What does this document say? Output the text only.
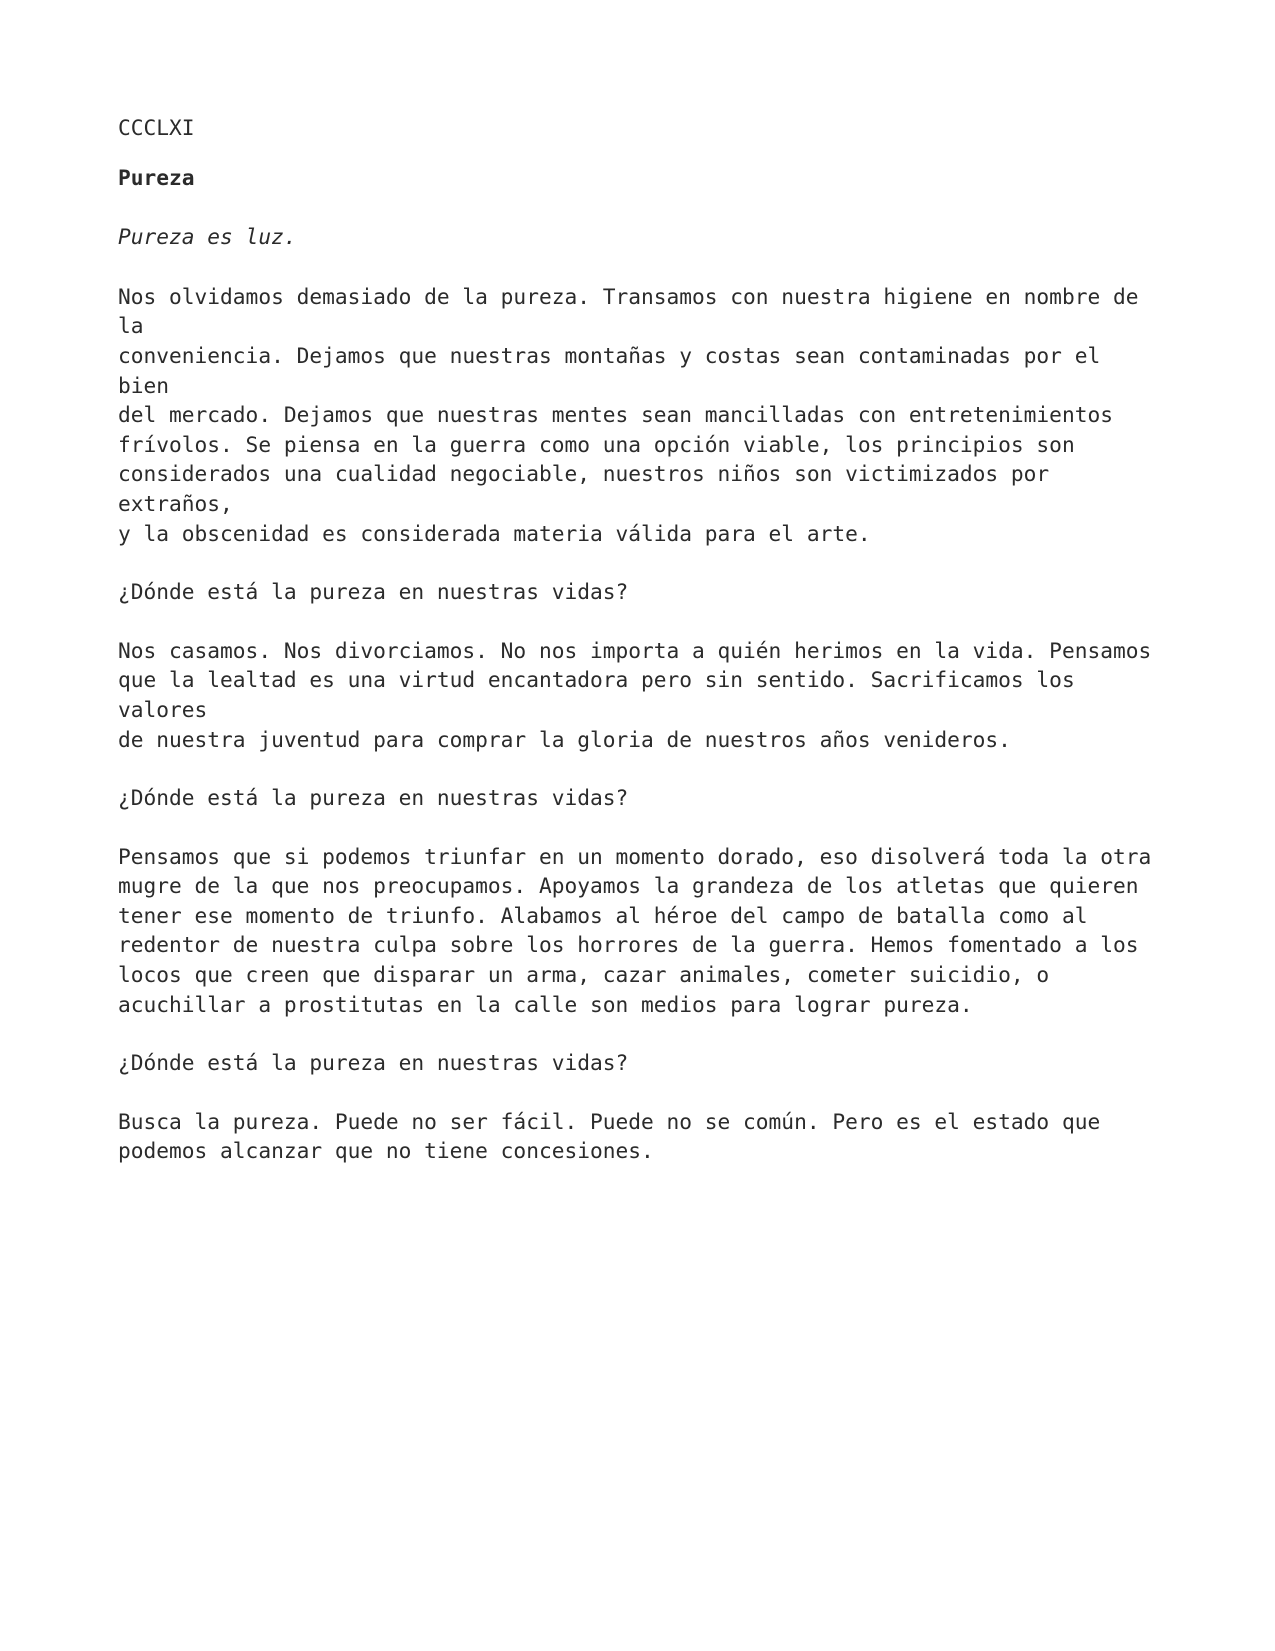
CCCLXI

Pureza

Pureza es luz.

Nos olvidamos demasiado de la pureza. Transamos con nuestra higiene en nombre de la
conveniencia. Dejamos que nuestras montañas y costas sean contaminadas por el bien
del mercado. Dejamos que nuestras mentes sean mancilladas con entretenimientos
frívolos. Se piensa en la guerra como una opción viable, los principios son
considerados una cualidad negociable, nuestros niños son victimizados por extraños,
y la obscenidad es considerada materia válida para el arte.

¿Dónde está la pureza en nuestras vidas?

Nos casamos. Nos divorciamos. No nos importa a quién herimos en la vida. Pensamos
que la lealtad es una virtud encantadora pero sin sentido. Sacrificamos los valores
de nuestra juventud para comprar la gloria de nuestros años venideros.

¿Dónde está la pureza en nuestras vidas?

Pensamos que si podemos triunfar en un momento dorado, eso disolverá toda la otra
mugre de la que nos preocupamos. Apoyamos la grandeza de los atletas que quieren
tener ese momento de triunfo. Alabamos al héroe del campo de batalla como al
redentor de nuestra culpa sobre los horrores de la guerra. Hemos fomentado a los
locos que creen que disparar un arma, cazar animales, cometer suicidio, o
acuchillar a prostitutas en la calle son medios para lograr pureza.

¿Dónde está la pureza en nuestras vidas?

Busca la pureza. Puede no ser fácil. Puede no se común. Pero es el estado que
podemos alcanzar que no tiene concesiones.
